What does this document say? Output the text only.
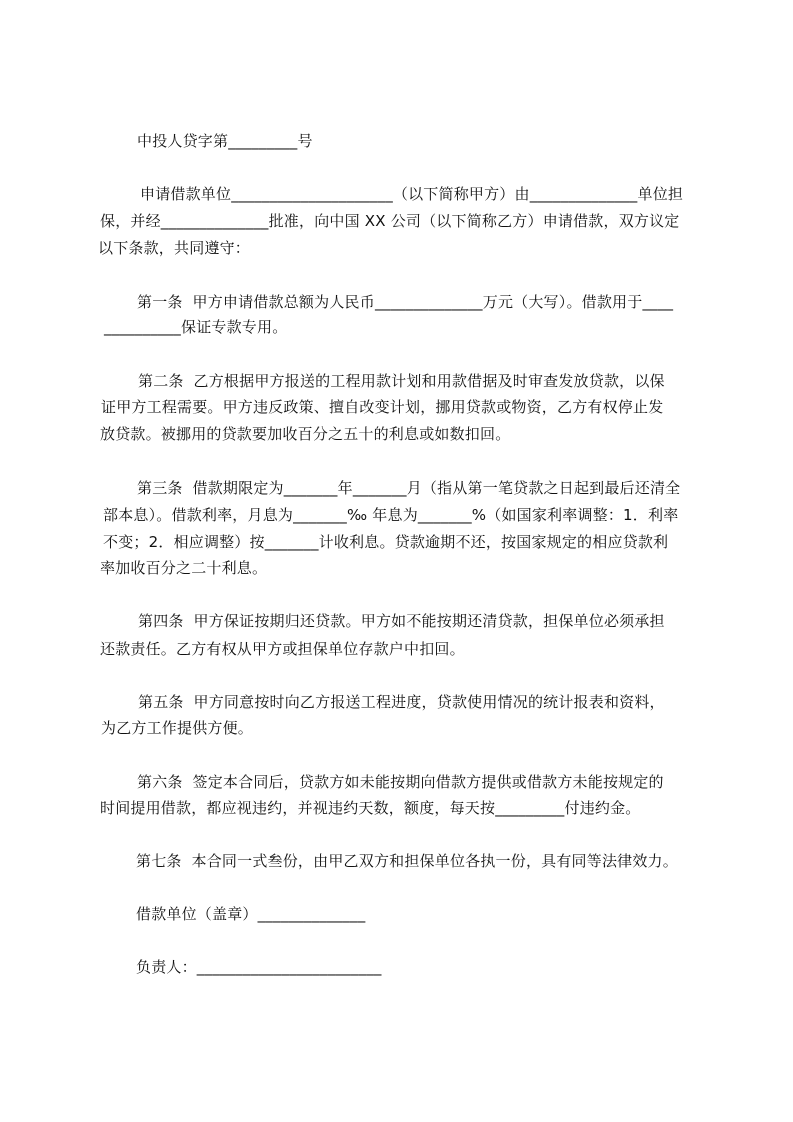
中投人贷字第_________号
申请借款单位_____________________（以下简称甲方）由______________单位担
保，并经______________批准，向中国 XX 公司（以下简称乙方）申请借款，双方议定
以下条款，共同遵守：
第一条  甲方申请借款总额为人民币______________万元（大写）。借款用于____
__________保证专款专用。
第二条  乙方根据甲方报送的工程用款计划和用款借据及时审查发放贷款，以保
证甲方工程需要。甲方违反政策、擅自改变计划，挪用贷款或物资，乙方有权停止发
放贷款。被挪用的贷款要加收百分之五十的利息或如数扣回。
第三条  借款期限定为_______年_______月（指从第一笔贷款之日起到最后还清全
部本息）。借款利率，月息为_______‰ 年息为_______%（如国家利率调整：1．利率
不变；2．相应调整）按_______计收利息。贷款逾期不还，按国家规定的相应贷款利
率加收百分之二十利息。
第四条  甲方保证按期归还贷款。甲方如不能按期还清贷款，担保单位必须承担
还款责任。乙方有权从甲方或担保单位存款户中扣回。
第五条  甲方同意按时向乙方报送工程进度，贷款使用情况的统计报表和资料，
为乙方工作提供方便。
第六条  签定本合同后，贷款方如未能按期向借款方提供或借款方未能按规定的
时间提用借款，都应视违约，并视违约天数，额度，每天按_________付违约金。
第七条  本合同一式叁份，由甲乙双方和担保单位各执一份，具有同等法律效力。
借款单位（盖章）______________
负责人：________________________
